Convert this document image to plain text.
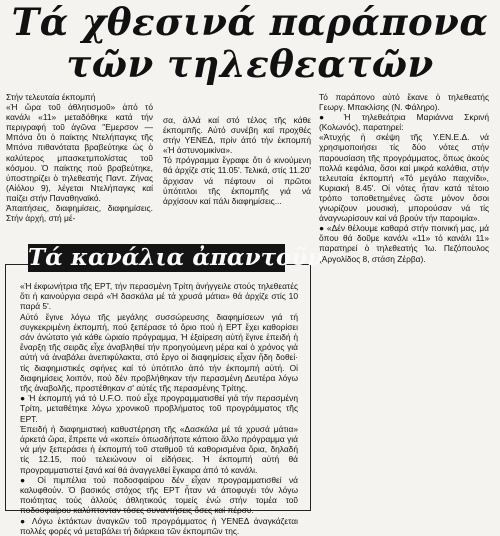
Τά χθεσινά παράπονα
τῶν τηλεθεατῶν
Στήν τελευταία έκπομπή
«Ἡ ὥρα τοῦ ἀθλητισμοῦ» ἀπό τό κανάλι «11» μεταδόθηκε κατά τήν περιγραφή τοῦ ἀγῶνα "Εμερσον — Μπόνα ὅτι ὁ παίκτης Ντελήπαγκς τῆς Μπόνα πιθανότατα βραβεύτηκε ὡς ὁ καλύτερος μπασκετμπολίστας τοῦ κόσμου. Ὁ παίκτης πού βραβεύτηκε, ὑποστηρίζει ὁ τηλεθεατής Παντ. Ζήνας (Αἰόλου 9), λέγεται Ντελήπαγκς καί παίζει στήν Παναθηναϊκό.
Ἀπαιτήσεις, διαφημίσεις, διαφημίσεις. Στήν ἀρχή, στή μέ-
σα, ἀλλά καί στό τέλος τῆς κάθε έκπομπῆς. Αὐτό συνέβη καί προχθές στήν ΥΕΝΕΔ, πρίν ἀπό τήν έκπομπή «Ἡ ἀστυνομικίνα».
Τό πρόγραμμα ἔγραφε ὅτι ὁ κινούμενη θά ἀρχίζε στίς 11.05'. Τελικά, στίς 11.20' ἄρχισαν νά πέφτουν οἱ πρῶτοι ὑπότιτλοι τῆς έκπομπῆς γιά νά ἀρχίσουν καί πάλι διαφημίσεις...
Τό παράπονο αὐτό ἔκανε ὁ τηλεθεατής Γεωργ. Μπακλίσης (Ν. Φάληρο).
● Ἡ τηλεθεάτρια Μαριάννα Σκρινή (Κολωνός), παρατηρεί:
«Ἀτυχής ἡ σκέψη τῆς Υ.ΕΝ.Ε.Δ. νά χρησιμοποιήσει τίς δύο νότες στήν παρουσίαση τῆς προγράμματος, ὅπως ἀκούς πολλά κεφάλια, ὅσοι καί μικρά καλάθια, στήν τελευταία έκπομπή «Τό μεγάλο παιχνίδι», Κυριακή 8.45'. Οἱ νότες ἦταν κατά τέτοιο τρόπο τοποθετημένες ὥστε μόνον ὅσοι γνωρίζουν μουσική, μπορούσαν νά τίς ἀναγνωρίσουν καί νά βρούν τήν παροιμία».
● «Δέν θέλουμε καθαρά στήν ποινική μας, μά ὅπου θά δοῦμε κανάλι «11» τό κανάλι 11» παρατηρεί ὁ τηλεθεατής Ἰω. Πεζόπουλος (Ἀργολίδος 8, στάση Ζέρβα).
Τά κανάλια ἀπαντοῦν
«Ἡ έκφωνήτρια τῆς ΕΡΤ, τήν περασμένη Τρίτη ἀνήγγειλε στούς τηλεθεατές ὅτι ἡ καινούργια σειρά «Ἡ δασκάλα μέ τά χρυσά μάτια» θά ἀρχίζε στίς 10 παρά 5'.
Αὐτό ἔγινε λόγω τῆς μεγάλης συσσώρευσης διαφημίσεων γιά τή συγκεκριμένη έκπομπή, πού ξεπέρασε τό ὅριο πού ἡ ΕΡΤ ἔχει καθορίσει σάν ἀνώτατο γιά κάθε ὡριαίο πρόγραμμα, Ἡ ἐξαίρεση αὐτή ἔγινε ἐπειδή ἡ ἔναρξη τῆς σειρᾶς εἶχε ἀναβληθεί τήν προηγούμενη μέρα καί ὁ χρόνος γιά αὐτή νά ἀναβάλει ἀνεπιφύλακτα, στό ἔργο οἱ διαφημίσεις εἶχαν ἤδη δοθεί· τίς διαφημιστικές σφήνες καί τό ὑπότιτλο ἀπό τήν έκπομπή αὐτή. Οἱ διαφημίσεις λοιπόν, πού δέν προβλήθηκαν τήν περασμένη Δευτέρα λόγω τῆς ἀναβολῆς, προστέθηκαν σ' αὐτές τῆς περασμένης Τρίτης.
● Ἡ έκπομπή γιά τό U.F.O. πού εἶχε προγραμματισθεί γιά τήν περασμένη Τρίτη, μεταθέτηκε λόγω χρονικοῦ προβλήματος τοῦ προγράμματος τῆς ΕΡΤ.
Ἐπειδή ἡ διαφημιστική καθυστέρηση τῆς «Δασκάλα μέ τά χρυσά μάτια» ἀρκετά ὥρα, ἔπρεπε νά «κοπεί» ὁπωσδήποτε κάποιο ἄλλο πρόγραμμα γιά νά μήν ξεπεράσει ἡ ἐκπομπή τοῦ σταθμοῦ τά καθορισμένα ὅρια, δηλαδή τίς 12.15, πού τελειώνουν οἱ εἰδήσεις. Ἡ έκπομπή αὐτή θά προγραμματιστεί ξανά καί θά ἀναγγελθεί ἔγκαιρα ἀπό τό κανάλι.
● Οἱ πιμπέλια τού ποδοσφαίρου δέν εἶχαν προγραμματισθεί νά καλυφθούν. Ὁ βασικός στόχος τῆς ΕΡΤ ἦταν νά ἀποφυγέι τόν λόγω ποιότητας τούς ἀλλούς ἀθλητικούς τομείς ἐνώ στήν τομέα τοῦ ποδοσφαίρου καλύπτονταν τόσες συναντήσεις ὅσες καί πέρσυ.
● Λόγω ἐκτάκτων ἀναγκῶν τοῦ προγράμματος ἡ ΥΕΝΕΔ ἀναγκάζεται πολλές φορές νά μεταβάλει τή διάρκεια τῶν έκπομπῶν της.
